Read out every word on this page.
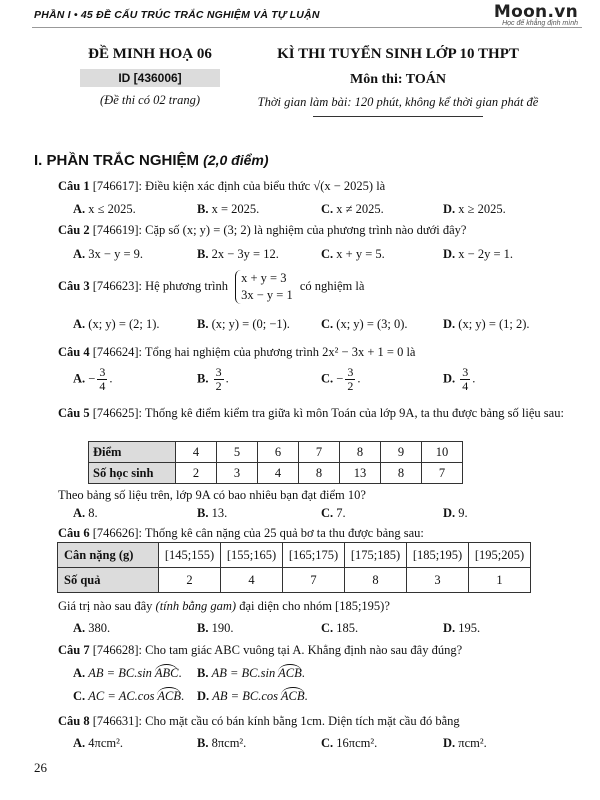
PHẦN I • 45 ĐỀ CẤU TRÚC TRẮC NGHIỆM VÀ TỰ LUẬN	Moon.vn
Học để khẳng định mình
ĐỀ MINH HOẠ 06
ID [436006]
(Đề thi có 02 trang)
KÌ THI TUYỂN SINH LỚP 10 THPT
Môn thi: TOÁN
Thời gian làm bài: 120 phút, không kể thời gian phát đề
I. PHẦN TRẮC NGHIỆM (2,0 điểm)
Câu 1 [746617]: Điều kiện xác định của biểu thức √(x − 2025) là
A. x ≤ 2025.	B. x = 2025.	C. x ≠ 2025.	D. x ≥ 2025.
Câu 2 [746619]: Cặp số (x; y) = (3; 2) là nghiệm của phương trình nào dưới đây?
A. 3x − y = 9.	B. 2x − 3y = 12.	C. x + y = 5.	D. x − 2y = 1.
Câu 3 [746623]: Hệ phương trình
x + y = 3
3x − y = 1
có nghiệm là
A. (x; y) = (2; 1).	B. (x; y) = (0; −1). C. (x; y) = (3; 0).	D. (x; y) = (1; 2).
Câu 4 [746624]: Tổng hai nghiệm của phương trình 2x² − 3x + 1 = 0 là
A. − $\frac{3}{4}$ .	B. $\frac{3}{2}$ .	C. − $\frac{3}{2}$ .	D. $\frac{3}{4}$ .
Câu 5 [746625]: Thống kê điểm kiểm tra giữa kì môn Toán của lớp 9A, ta thu được bảng số liệu sau:
Điểm	4	5	6	7	8	9	10
Số học sinh	2	3	4	8	13	8	7
Theo bảng số liệu trên, lớp 9A có bao nhiêu bạn đạt điểm 10?
A. 8.	B. 13.	C. 7.	D. 9.
Câu 6 [746626]: Thống kê cân nặng của 25 quả bơ ta thu được bảng sau:
Cân nặng (g)	[145;155)	[155;165)	[165;175)	[175;185)	[185;195)	[195;205)
Số quả	2	4	7	8	3	1
Giá trị nào sau đây (tính bằng gam) đại diện cho nhóm [185;195)?
A. 380.	B. 190.	C. 185.	D. 195.
Câu 7 [746628]: Cho tam giác ABC vuông tại A. Khẳng định nào sau đây đúng?
A. AB = BC.sin ABC. B. AB = BC.sin ACB.
C. AC = AC.cos ACB. D. AB = BC.cos ACB.
Câu 8 [746631]: Cho mặt cầu có bán kính bằng 1cm. Diện tích mặt cầu đó bằng
A. 4πcm².	B. 8πcm².	C. 16πcm².	D. πcm².
26
